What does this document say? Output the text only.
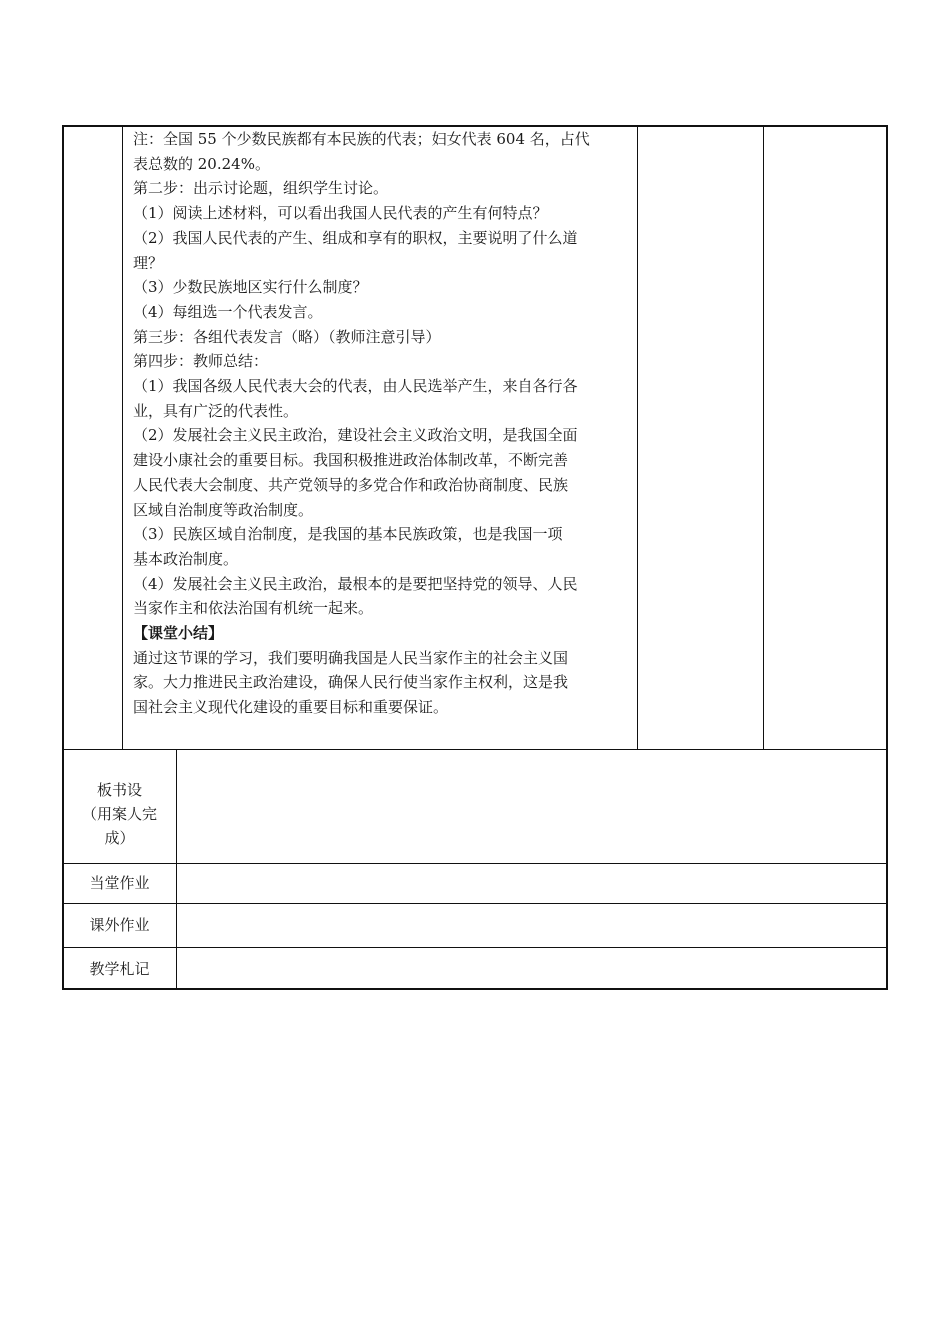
注：全国 55 个少数民族都有本民族的代表；妇女代表 604 名，占代

表总数的 20.24%。

第二步：出示讨论题，组织学生讨论。

（1）阅读上述材料，可以看出我国人民代表的产生有何特点？

（2）我国人民代表的产生、组成和享有的职权，主要说明了什么道

理？

（3）少数民族地区实行什么制度？

（4）每组选一个代表发言。

第三步：各组代表发言（略）（教师注意引导）

第四步：教师总结：

（1）我国各级人民代表大会的代表，由人民选举产生，来自各行各

业，具有广泛的代表性。

（2）发展社会主义民主政治，建设社会主义政治文明，是我国全面

建设小康社会的重要目标。我国积极推进政治体制改革，不断完善

人民代表大会制度、共产党领导的多党合作和政治协商制度、民族

区域自治制度等政治制度。

（3）民族区域自治制度，是我国的基本民族政策，也是我国一项

基本政治制度。

（4）发展社会主义民主政治，最根本的是要把坚持党的领导、人民

当家作主和依法治国有机统一起来。

【课堂小结】

通过这节课的学习，我们要明确我国是人民当家作主的社会主义国

家。大力推进民主政治建设，确保人民行使当家作主权利，这是我

国社会主义现代化建设的重要目标和重要保证。

板书设
（用案人完
成）
当堂作业
课外作业
教学札记
